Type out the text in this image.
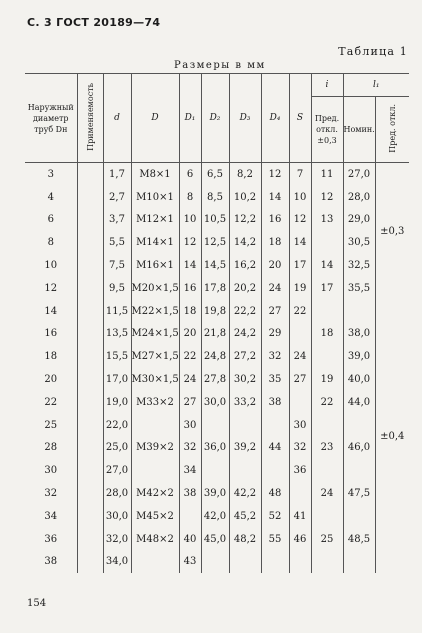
С. 3 ГОСТ 20189—74
Таблица 1
Размеры в мм
Наружный диаметр труб Dн	Применяемость	d	D	D₁	D₂	D₃	D₄	S	i	l₁	
									Пред. откл. ±0,3	Номин.	Пред. откл.
3		1,7	M8×1	6	6,5	8,2	12	7	11	27,0	±0,3
4		2,7	M10×1	8	8,5	10,2	14	10	12	28,0	
6		3,7	M12×1	10	10,5	12,2	16	12	13	29,0	
8		5,5	M14×1	12	12,5	14,2	18	14		30,5	
10		7,5	M16×1	14	14,5	16,2	20	17	14	32,5	
12		9,5	M20×1,5	16	17,8	20,2	24	19	17	35,5	
14		11,5	M22×1,5	18	19,8	22,2	27	22			±0,4
16		13,5	M24×1,5	20	21,8	24,2	29		18	38,0	
18		15,5	M27×1,5	22	24,8	27,2	32	24		39,0	
20		17,0	M30×1,5	24	27,8	30,2	35	27	19	40,0	
22		19,0	M33×2	27	30,0	33,2	38		22	44,0	
25		22,0		30				30			
28		25,0	M39×2	32	36,0	39,2	44	32	23	46,0	
30		27,0		34				36			
32		28,0	M42×2	38	39,0	42,2	48		24	47,5	
34		30,0	M45×2		42,0	45,2	52	41			
36		32,0	M48×2	40	45,0	48,2	55	46	25	48,5	
38		34,0		43							
154
